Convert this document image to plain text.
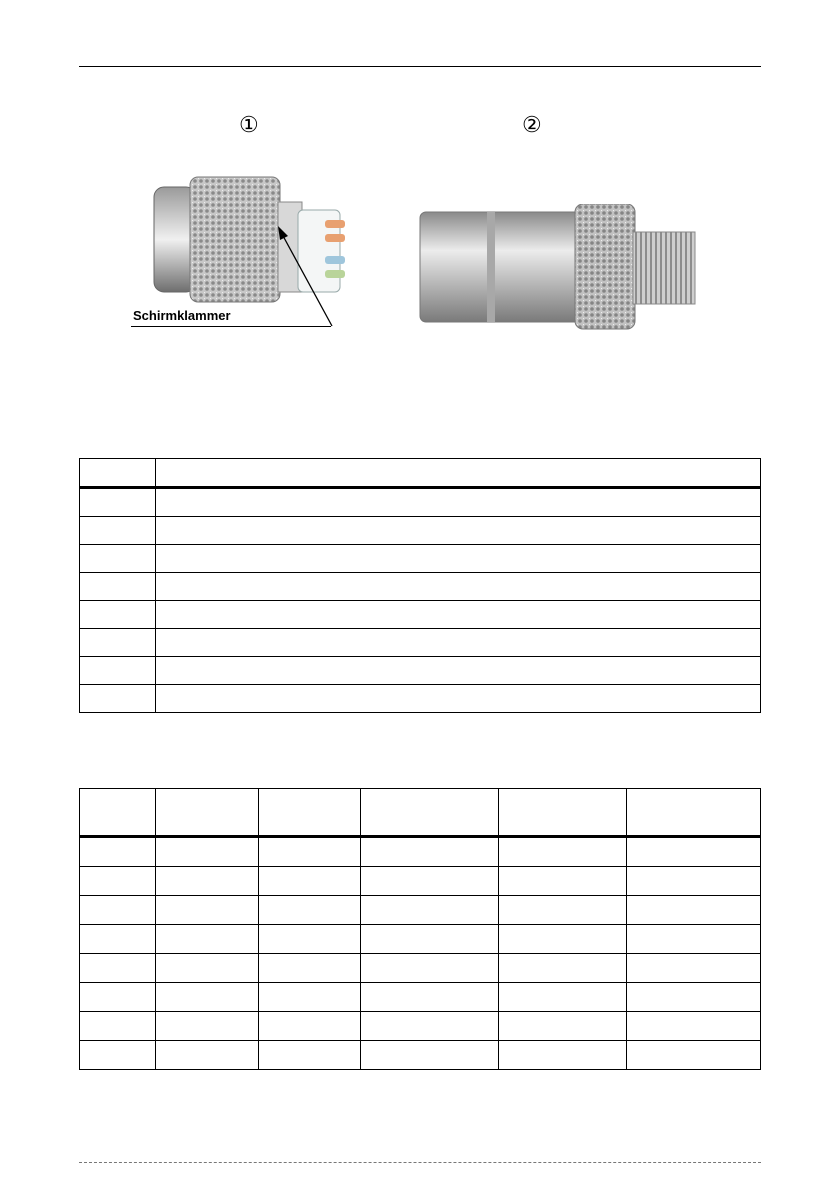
①	②
Schirmklammer
